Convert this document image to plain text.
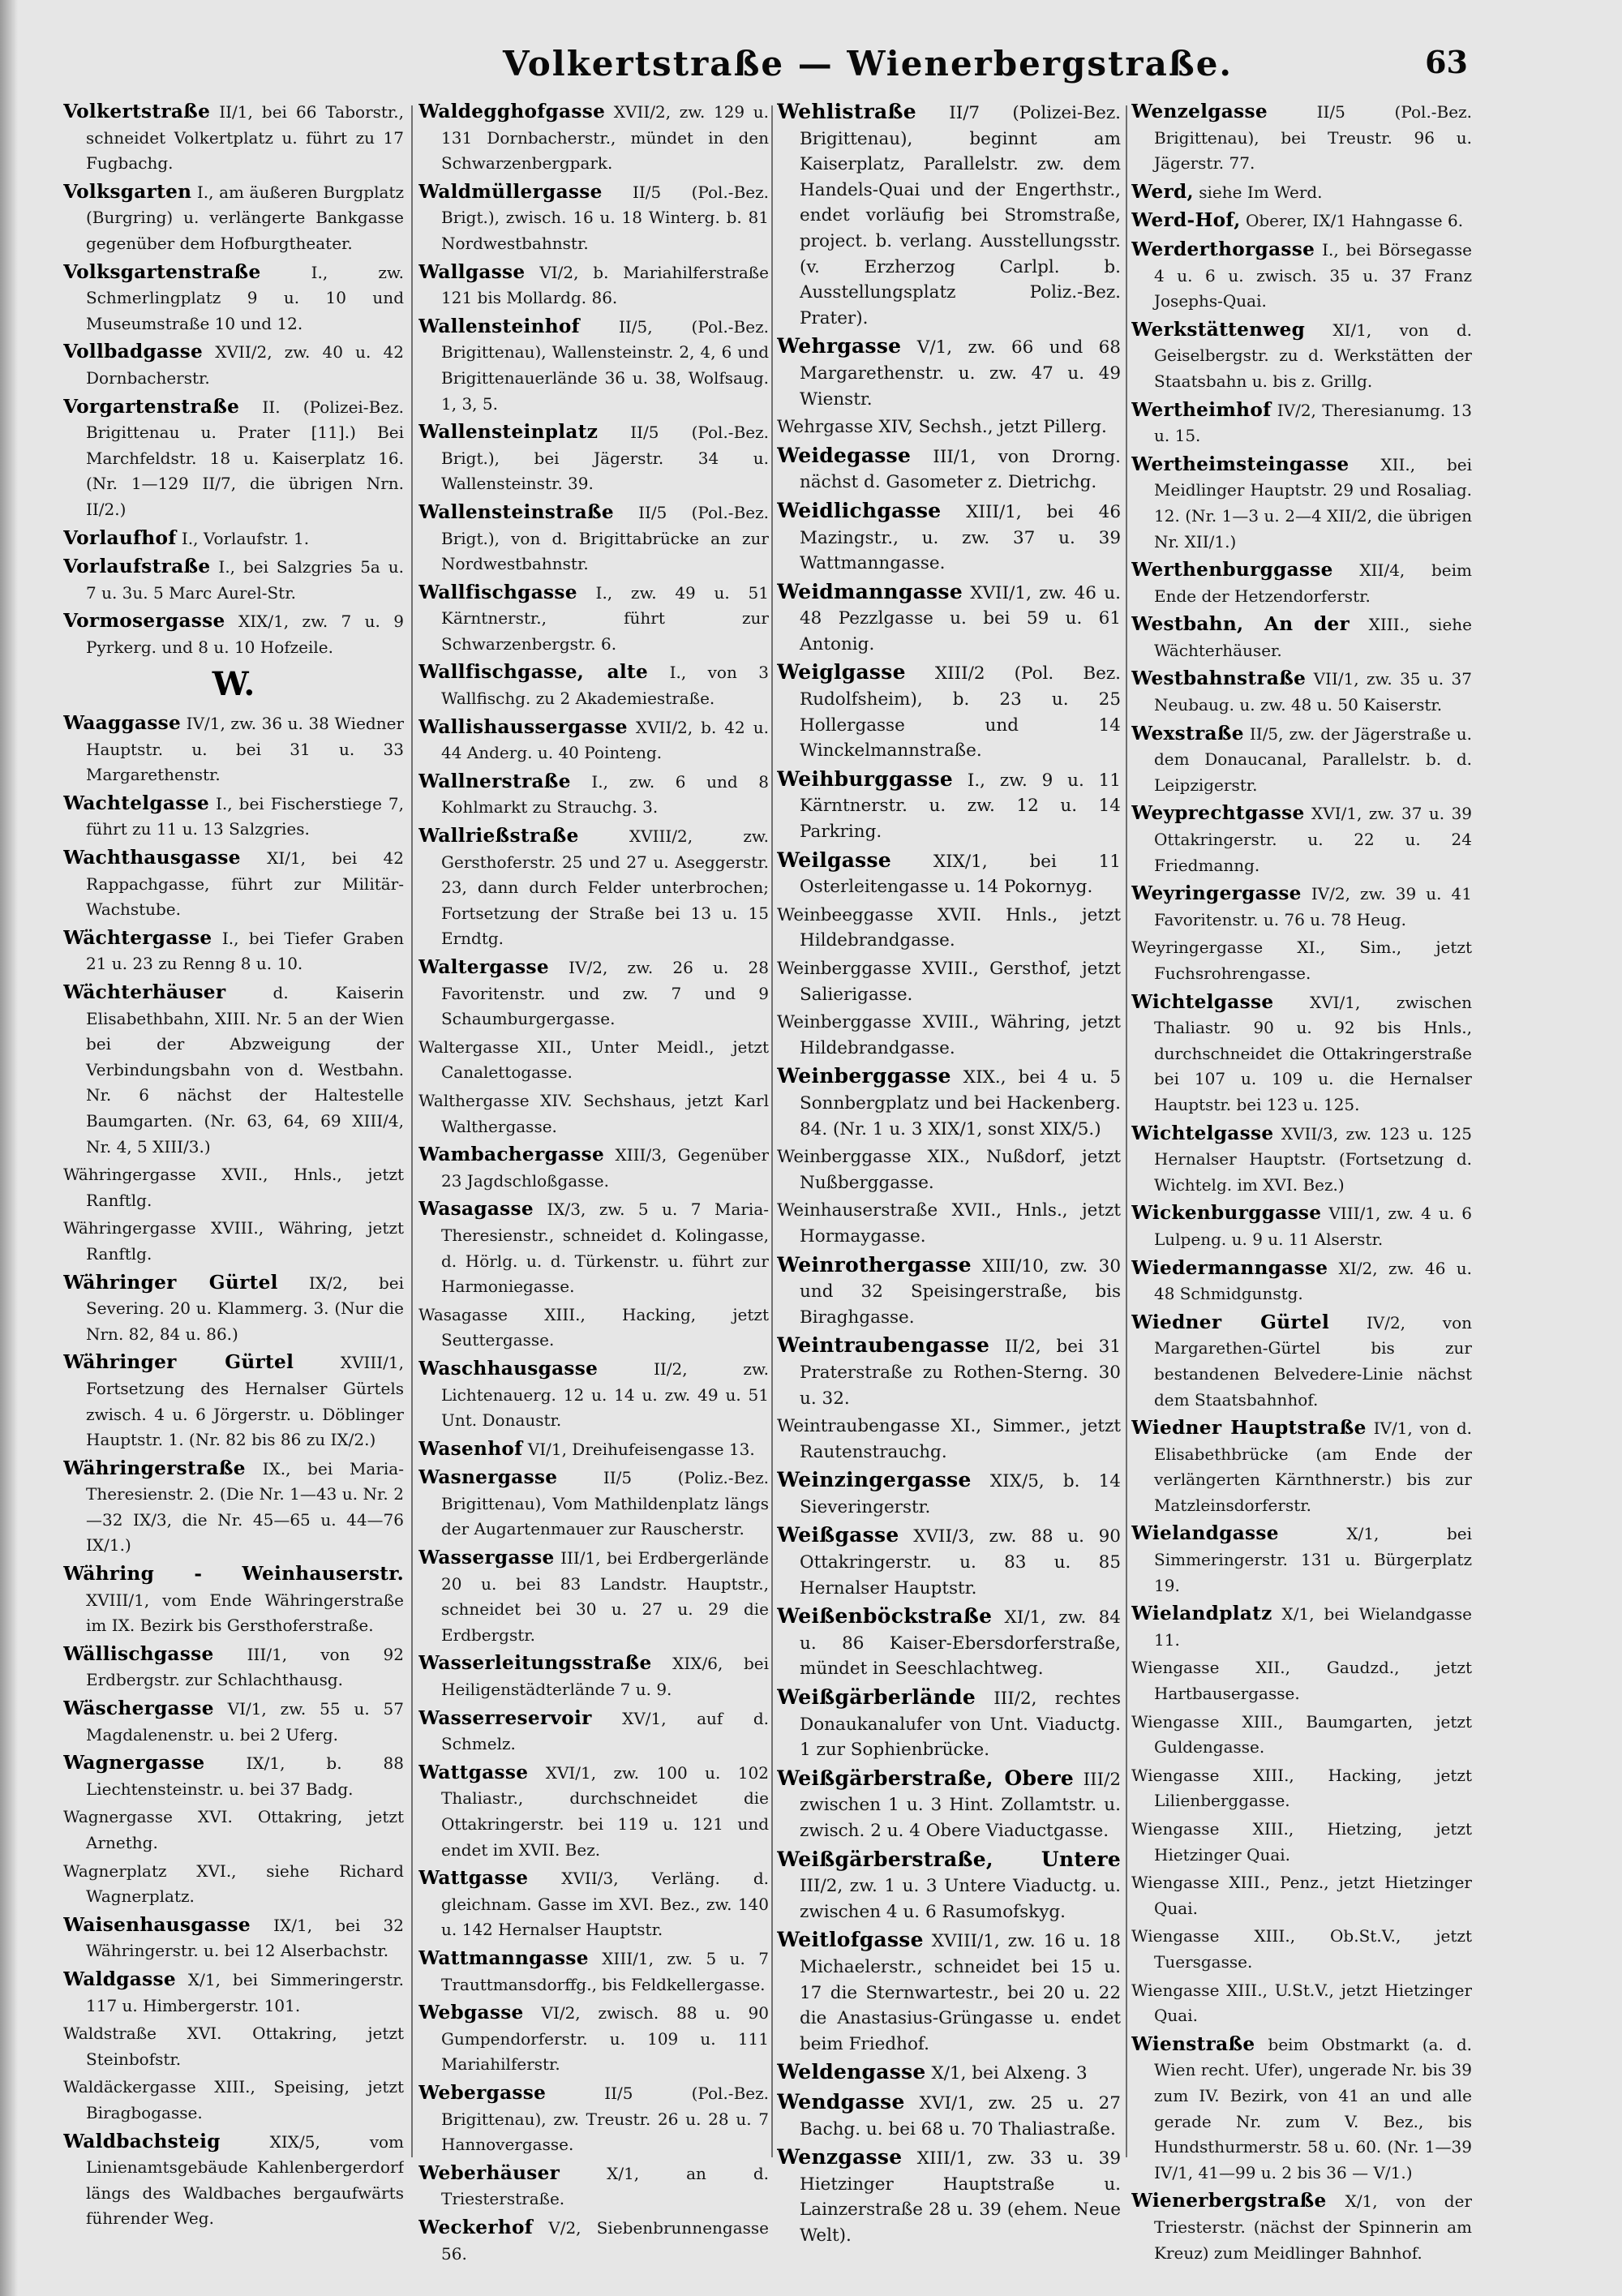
Volkertstraße — Wienerbergstraße.	63
Volkertstraße II/1, bei 66 Taborstr., schneidet Volkertplatz u. führt zu 17 Fugbachg.
Volksgarten I., am äußeren Burgplatz (Burgring) u. verlängerte Bankgasse gegenüber dem Hofburgtheater.
Volksgartenstraße	I., zw. Schmerlingplatz 9 u. 10 und Museumstraße 10 und 12.
Vollbadgasse XVII/2, zw. 40 u. 42 Dornbacherstr.
Vorgartenstraße II. (Polizei-Bez. Brigittenau u. Prater [11].) Bei Marchfeldstr. 18 u. Kaiserplatz 16. (Nr. 1—129 II/7, die übrigen Nrn. II/2.)
Vorlaufhof I., Vorlaufstr. 1.
Vorlaufstraße I., bei Salzgries 5a u. 7 u. 3u. 5 Marc Aurel-Str.
Vormosergasse XIX/1, zw. 7 u. 9 Pyrkerg. und 8 u. 10 Hofzeile.
W.
Waaggasse IV/1, zw. 36 u. 38 Wiedner Hauptstr. u. bei 31 u. 33 Margarethenstr.
Wachtelgasse I., bei Fischerstiege 7, führt zu 11 u. 13 Salzgries.
Wachthausgasse XI/1, bei 42 Rappachgasse, führt zur Militär-Wachstube.
Wächtergasse I., bei Tiefer Graben 21 u. 23 zu Renng 8 u. 10.
Wächterhäuser	d. Kaiserin Elisabethbahn, XIII. Nr. 5 an der Wien bei der Abzweigung der Verbindungsbahn von d. Westbahn. Nr. 6 nächst der Haltestelle Baumgarten. (Nr. 63, 64, 69 XIII/4, Nr. 4, 5 XIII/3.)
Währingergasse XVII., Hnls., jetzt Ranftlg.
Währingergasse XVIII., Währing, jetzt Ranftlg.
Währinger Gürtel IX/2, bei Severing. 20 u. Klammerg. 3. (Nur die Nrn. 82, 84 u. 86.)
Währinger Gürtel	XVIII/1, Fortsetzung des Hernalser Gürtels zwisch. 4 u. 6 Jörgerstr. u. Döblinger Hauptstr. 1. (Nr. 82 bis 86 zu IX/2.)
Währingerstraße IX., bei Maria-Theresienstr. 2. (Die Nr. 1—43 u. Nr. 2—32 IX/3, die Nr. 45—65 u. 44—76 IX/1.)
Währing - Weinhauserstr. XVIII/1, vom Ende Währingerstraße im IX. Bezirk bis Gersthoferstraße.
Wällischgasse III/1, von 92 Erdbergstr. zur Schlachthausg.
Wäschergasse VI/1, zw. 55 u. 57 Magdalenenstr. u. bei 2 Uferg.
Wagnergasse	IX/1, b. 88 Liechtensteinstr. u. bei 37 Badg.
Wagnergasse XVI. Ottakring, jetzt Arnethg.
Wagnerplatz XVI., siehe Richard Wagnerplatz.
Waisenhausgasse IX/1, bei 32 Währingerstr. u. bei 12 Alserbachstr.
Waldgasse X/1, bei Simmeringerstr. 117 u. Himbergerstr. 101.
Waldstraße XVI. Ottakring, jetzt Steinbofstr.
Waldäckergasse XIII., Speising, jetzt Biragbogasse.
Waldbachsteig	XIX/5, vom Linienamtsgebäude Kahlenbergerdorf längs des Waldbaches bergaufwärts führender Weg.
Waldegghofgasse XVII/2, zw. 129 u. 131 Dornbacherstr., mündet in den Schwarzenbergpark.
Waldmüllergasse II/5 (Pol.-Bez. Brigt.), zwisch. 16 u. 18 Winterg. b. 81 Nordwestbahnstr.
Wallgasse VI/2, b. Mariahilferstraße 121 bis Mollardg. 86.
Wallensteinhof II/5, (Pol.-Bez. Brigittenau), Wallensteinstr. 2, 4, 6 und Brigittenauerlände 36 u. 38, Wolfsaug. 1, 3, 5.
Wallensteinplatz II/5 (Pol.-Bez. Brigt.), bei Jägerstr. 34 u. Wallensteinstr. 39.
Wallensteinstraße II/5 (Pol.-Bez. Brigt.), von d. Brigittabrücke an zur Nordwestbahnstr.
Wallfischgasse I., zw. 49 u. 51 Kärntnerstr., führt zur Schwarzenbergstr. 6.
Wallfischgasse, alte I., von 3 Wallfischg. zu 2 Akademiestraße.
Wallishaussergasse XVII/2, b. 42 u. 44 Anderg. u. 40 Pointeng.
Wallnerstraße I., zw. 6 und 8 Kohlmarkt zu Strauchg. 3.
Wallrießstraße	XVIII/2, zw. Gersthoferstr. 25 und 27 u. Aseggerstr. 23, dann durch Felder unterbrochen; Fortsetzung der Straße bei 13 u. 15 Erndtg.
Waltergasse IV/2, zw. 26 u. 28 Favoritenstr. und zw. 7 und 9 Schaumburgergasse.
Waltergasse XII., Unter Meidl., jetzt Canalettogasse.
Walthergasse XIV. Sechshaus, jetzt Karl Walthergasse.
Wambachergasse XIII/3, Gegenüber 23 Jagdschloßgasse.
Wasagasse IX/3, zw. 5 u. 7 Maria-Theresienstr., schneidet d. Kolingasse, d. Hörlg. u. d. Türkenstr. u. führt zur Harmoniegasse.
Wasagasse XIII., Hacking, jetzt Seuttergasse.
Waschhausgasse	II/2, zw. Lichtenauerg. 12 u. 14 u. zw. 49 u. 51 Unt. Donaustr.
Wasenhof VI/1, Dreihufeisengasse 13.
Wasnergasse	II/5 (Poliz.-Bez. Brigittenau), Vom Mathildenplatz längs der Augartenmauer zur Rauscherstr.
Wassergasse III/1, bei Erdbergerlände 20 u. bei 83 Landstr. Hauptstr., schneidet bei 30 u. 27 u. 29 die Erdbergstr.
Wasserleitungsstraße XIX/6, bei Heiligenstädterlände 7 u. 9.
Wasserreservoir XV/1, auf d. Schmelz.
Wattgasse XVI/1, zw. 100 u. 102 Thaliastr., durchschneidet die Ottakringerstr. bei 119 u. 121 und endet im XVII. Bez.
Wattgasse XVII/3, Verläng. d. gleichnam. Gasse im XVI. Bez., zw. 140 u. 142 Hernalser Hauptstr.
Wattmanngasse XIII/1, zw. 5 u. 7 Trauttmansdorffg., bis Feldkellergasse.
Webgasse VI/2, zwisch. 88 u. 90 Gumpendorferstr. u. 109 u. 111 Mariahilferstr.
Webergasse	II/5 (Pol.-Bez. Brigittenau), zw. Treustr. 26 u. 28 u. 7 Hannovergasse.
Weberhäuser	X/1, an d. Triesterstraße.
Weckerhof V/2, Siebenbrunnengasse 56.
Wehlistraße II/7 (Polizei-Bez. Brigittenau), beginnt am Kaiserplatz, Parallelstr. zw. dem Handels-Quai und der Engerthstr., endet vorläufig bei Stromstraße, project. b. verlang. Ausstellungsstr. (v. Erzherzog Carlpl. b. Ausstellungsplatz Poliz.-Bez. Prater).
Wehrgasse V/1, zw. 66 und 68 Margarethenstr. u. zw. 47 u. 49 Wienstr.
Wehrgasse XIV, Sechsh., jetzt Pillerg.
Weidegasse III/1, von Drorng. nächst d. Gasometer z. Dietrichg.
Weidlichgasse XIII/1, bei 46 Mazingstr., u. zw. 37 u. 39 Wattmanngasse.
Weidmanngasse XVII/1, zw. 46 u. 48 Pezzlgasse u. bei 59 u. 61 Antonig.
Weiglgasse XIII/2 (Pol. Bez. Rudolfsheim), b. 23 u. 25 Hollergasse und 14 Winckelmannstraße.
Weihburggasse I., zw. 9 u. 11 Kärntnerstr. u. zw. 12 u. 14 Parkring.
Weilgasse XIX/1, bei 11 Osterleitengasse u. 14 Pokornyg.
Weinbeeggasse XVII. Hnls., jetzt Hildebrandgasse.
Weinberggasse XVIII., Gersthof, jetzt Salierigasse.
Weinberggasse XVIII., Währing, jetzt Hildebrandgasse.
Weinberggasse XIX., bei 4 u. 5 Sonnbergplatz und bei Hackenberg. 84. (Nr. 1 u. 3 XIX/1, sonst XIX/5.)
Weinberggasse XIX., Nußdorf, jetzt Nußberggasse.
Weinhauserstraße XVII., Hnls., jetzt Hormaygasse.
Weinrothergasse XIII/10, zw. 30 und 32 Speisingerstraße, bis Biraghgasse.
Weintraubengasse II/2, bei 31 Praterstraße zu Rothen-Sterng. 30 u. 32.
Weintraubengasse XI., Simmer., jetzt Rautenstrauchg.
Weinzingergasse XIX/5, b. 14 Sieveringerstr.
Weißgasse XVII/3, zw. 88 u. 90 Ottakringerstr. u. 83 u. 85 Hernalser Hauptstr.
Weißenböckstraße XI/1, zw. 84 u. 86 Kaiser-Ebersdorferstraße, mündet in Seeschlachtweg.
Weißgärberlände III/2, rechtes Donaukanalufer von Unt. Viaductg. 1 zur Sophienbrücke.
Weißgärberstraße, Obere III/2 zwischen 1 u. 3 Hint. Zollamtstr. u. zwisch. 2 u. 4 Obere Viaductgasse.
Weißgärberstraße, Untere III/2, zw. 1 u. 3 Untere Viaductg. u. zwischen 4 u. 6 Rasumofskyg.
Weitlofgasse XVIII/1, zw. 16 u. 18 Michaelerstr., schneidet bei 15 u. 17 die Sternwartestr., bei 20 u. 22 die Anastasius-Grüngasse u. endet beim Friedhof.
Weldengasse X/1, bei Alxeng. 3
Wendgasse XVI/1, zw. 25 u. 27 Bachg. u. bei 68 u. 70 Thaliastraße.
Wenzgasse XIII/1, zw. 33 u. 39 Hietzinger Hauptstraße u. Lainzerstraße 28 u. 39 (ehem. Neue Welt).
Wenzelgasse	II/5 (Pol.-Bez. Brigittenau), bei Treustr. 96 u. Jägerstr. 77.
Werd, siehe Im Werd.
Werd-Hof, Oberer, IX/1 Hahngasse 6.
Werderthorgasse I., bei Börsegasse 4 u. 6 u. zwisch. 35 u. 37 Franz Josephs-Quai.
Werkstättenweg XI/1, von d. Geiselbergstr. zu d. Werkstätten der Staatsbahn u. bis z. Grillg.
Wertheimhof IV/2, Theresianumg. 13 u. 15.
Wertheimsteingasse XII., bei Meidlinger Hauptstr. 29 und Rosaliag. 12. (Nr. 1—3 u. 2—4 XII/2, die übrigen Nr. XII/1.)
Werthenburggasse XII/4, beim Ende der Hetzendorferstr.
Westbahn, An der XIII., siehe Wächterhäuser.
Westbahnstraße VII/1, zw. 35 u. 37 Neubaug. u. zw. 48 u. 50 Kaiserstr.
Wexstraße II/5, zw. der Jägerstraße u. dem Donaucanal, Parallelstr. b. d. Leipzigerstr.
Weyprechtgasse XVI/1, zw. 37 u. 39 Ottakringerstr. u. 22 u. 24 Friedmanng.
Weyringergasse IV/2, zw. 39 u. 41 Favoritenstr. u. 76 u. 78 Heug.
Weyringergasse XI., Sim., jetzt Fuchsrohrengasse.
Wichtelgasse XVI/1, zwischen Thaliastr. 90 u. 92 bis Hnls., durchschneidet die Ottakringerstraße bei 107 u. 109 u. die Hernalser Hauptstr. bei 123 u. 125.
Wichtelgasse XVII/3, zw. 123 u. 125 Hernalser Hauptstr. (Fortsetzung d. Wichtelg. im XVI. Bez.)
Wickenburggasse VIII/1, zw. 4 u. 6 Lulpeng. u. 9 u. 11 Alserstr.
Wiedermanngasse XI/2, zw. 46 u. 48 Schmidgunstg.
Wiedner Gürtel IV/2, von Margarethen-Gürtel bis zur bestandenen Belvedere-Linie nächst dem Staatsbahnhof.
Wiedner Hauptstraße IV/1, von d. Elisabethbrücke (am Ende der verlängerten Kärnthnerstr.) bis zur Matzleinsdorferstr.
Wielandgasse	X/1, bei Simmeringerstr. 131 u. Bürgerplatz 19.
Wielandplatz X/1, bei Wielandgasse 11.
Wiengasse XII., Gaudzd., jetzt Hartbausergasse.
Wiengasse XIII., Baumgarten, jetzt Guldengasse.
Wiengasse XIII., Hacking, jetzt Lilienberggasse.
Wiengasse XIII., Hietzing, jetzt Hietzinger Quai.
Wiengasse XIII., Penz., jetzt Hietzinger Quai.
Wiengasse XIII., Ob.St.V., jetzt Tuersgasse.
Wiengasse XIII., U.St.V., jetzt Hietzinger Quai.
Wienstraße beim Obstmarkt (a. d. Wien recht. Ufer), ungerade Nr. bis 39 zum IV. Bezirk, von 41 an und alle gerade Nr. zum V. Bez., bis Hundsthurmerstr. 58 u. 60. (Nr. 1—39 IV/1, 41—99 u. 2 bis 36 — V/1.)
Wienerbergstraße X/1, von der Triesterstr. (nächst der Spinnerin am Kreuz) zum Meidlinger Bahnhof.
